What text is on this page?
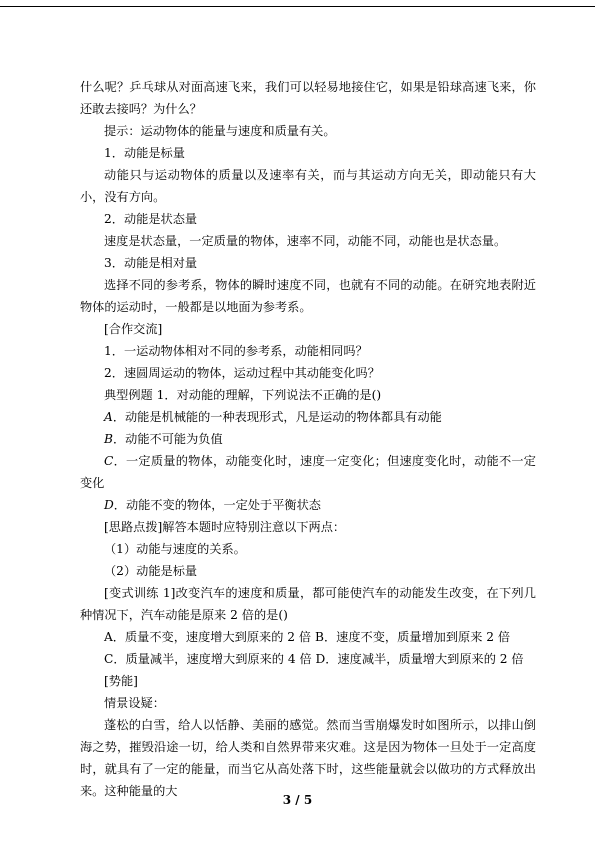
什么呢？乒乓球从对面高速飞来，我们可以轻易地接住它，如果是铅球高速飞来，你还敢去接吗？为什么？

提示：运动物体的能量与速度和质量有关。

1．动能是标量

动能只与运动物体的质量以及速率有关，而与其运动方向无关，即动能只有大小，没有方向。

2．动能是状态量

速度是状态量，一定质量的物体，速率不同，动能不同，动能也是状态量。

3．动能是相对量

选择不同的参考系，物体的瞬时速度不同，也就有不同的动能。在研究地表附近物体的运动时，一般都是以地面为参考系。

[合作交流]

1．一运动物体相对不同的参考系，动能相同吗？

2．速圆周运动的物体，运动过程中其动能变化吗？

典型例题 1．对动能的理解，下列说法不正确的是()

A．动能是机械能的一种表现形式，凡是运动的物体都具有动能

B．动能不可能为负值

C．一定质量的物体，动能变化时，速度一定变化；但速度变化时，动能不一定变化

D．动能不变的物体，一定处于平衡状态

[思路点拨]解答本题时应特别注意以下两点：

（1）动能与速度的关系。

（2）动能是标量

[变式训练 1]改变汽车的速度和质量，都可能使汽车的动能发生改变，在下列几种情况下，汽车动能是原来 2 倍的是()

A．质量不变，速度增大到原来的 2 倍 B．速度不变，质量增加到原来 2 倍

C．质量减半，速度增大到原来的 4 倍 D．速度减半，质量增大到原来的 2 倍

[势能]

情景设疑：

蓬松的白雪，给人以恬静、美丽的感觉。然而当雪崩爆发时如图所示，以排山倒海之势，摧毁沿途一切，给人类和自然界带来灾难。这是因为物体一旦处于一定高度时，就具有了一定的能量，而当它从高处落下时，这些能量就会以做功的方式释放出来。这种能量的大

3 / 5
